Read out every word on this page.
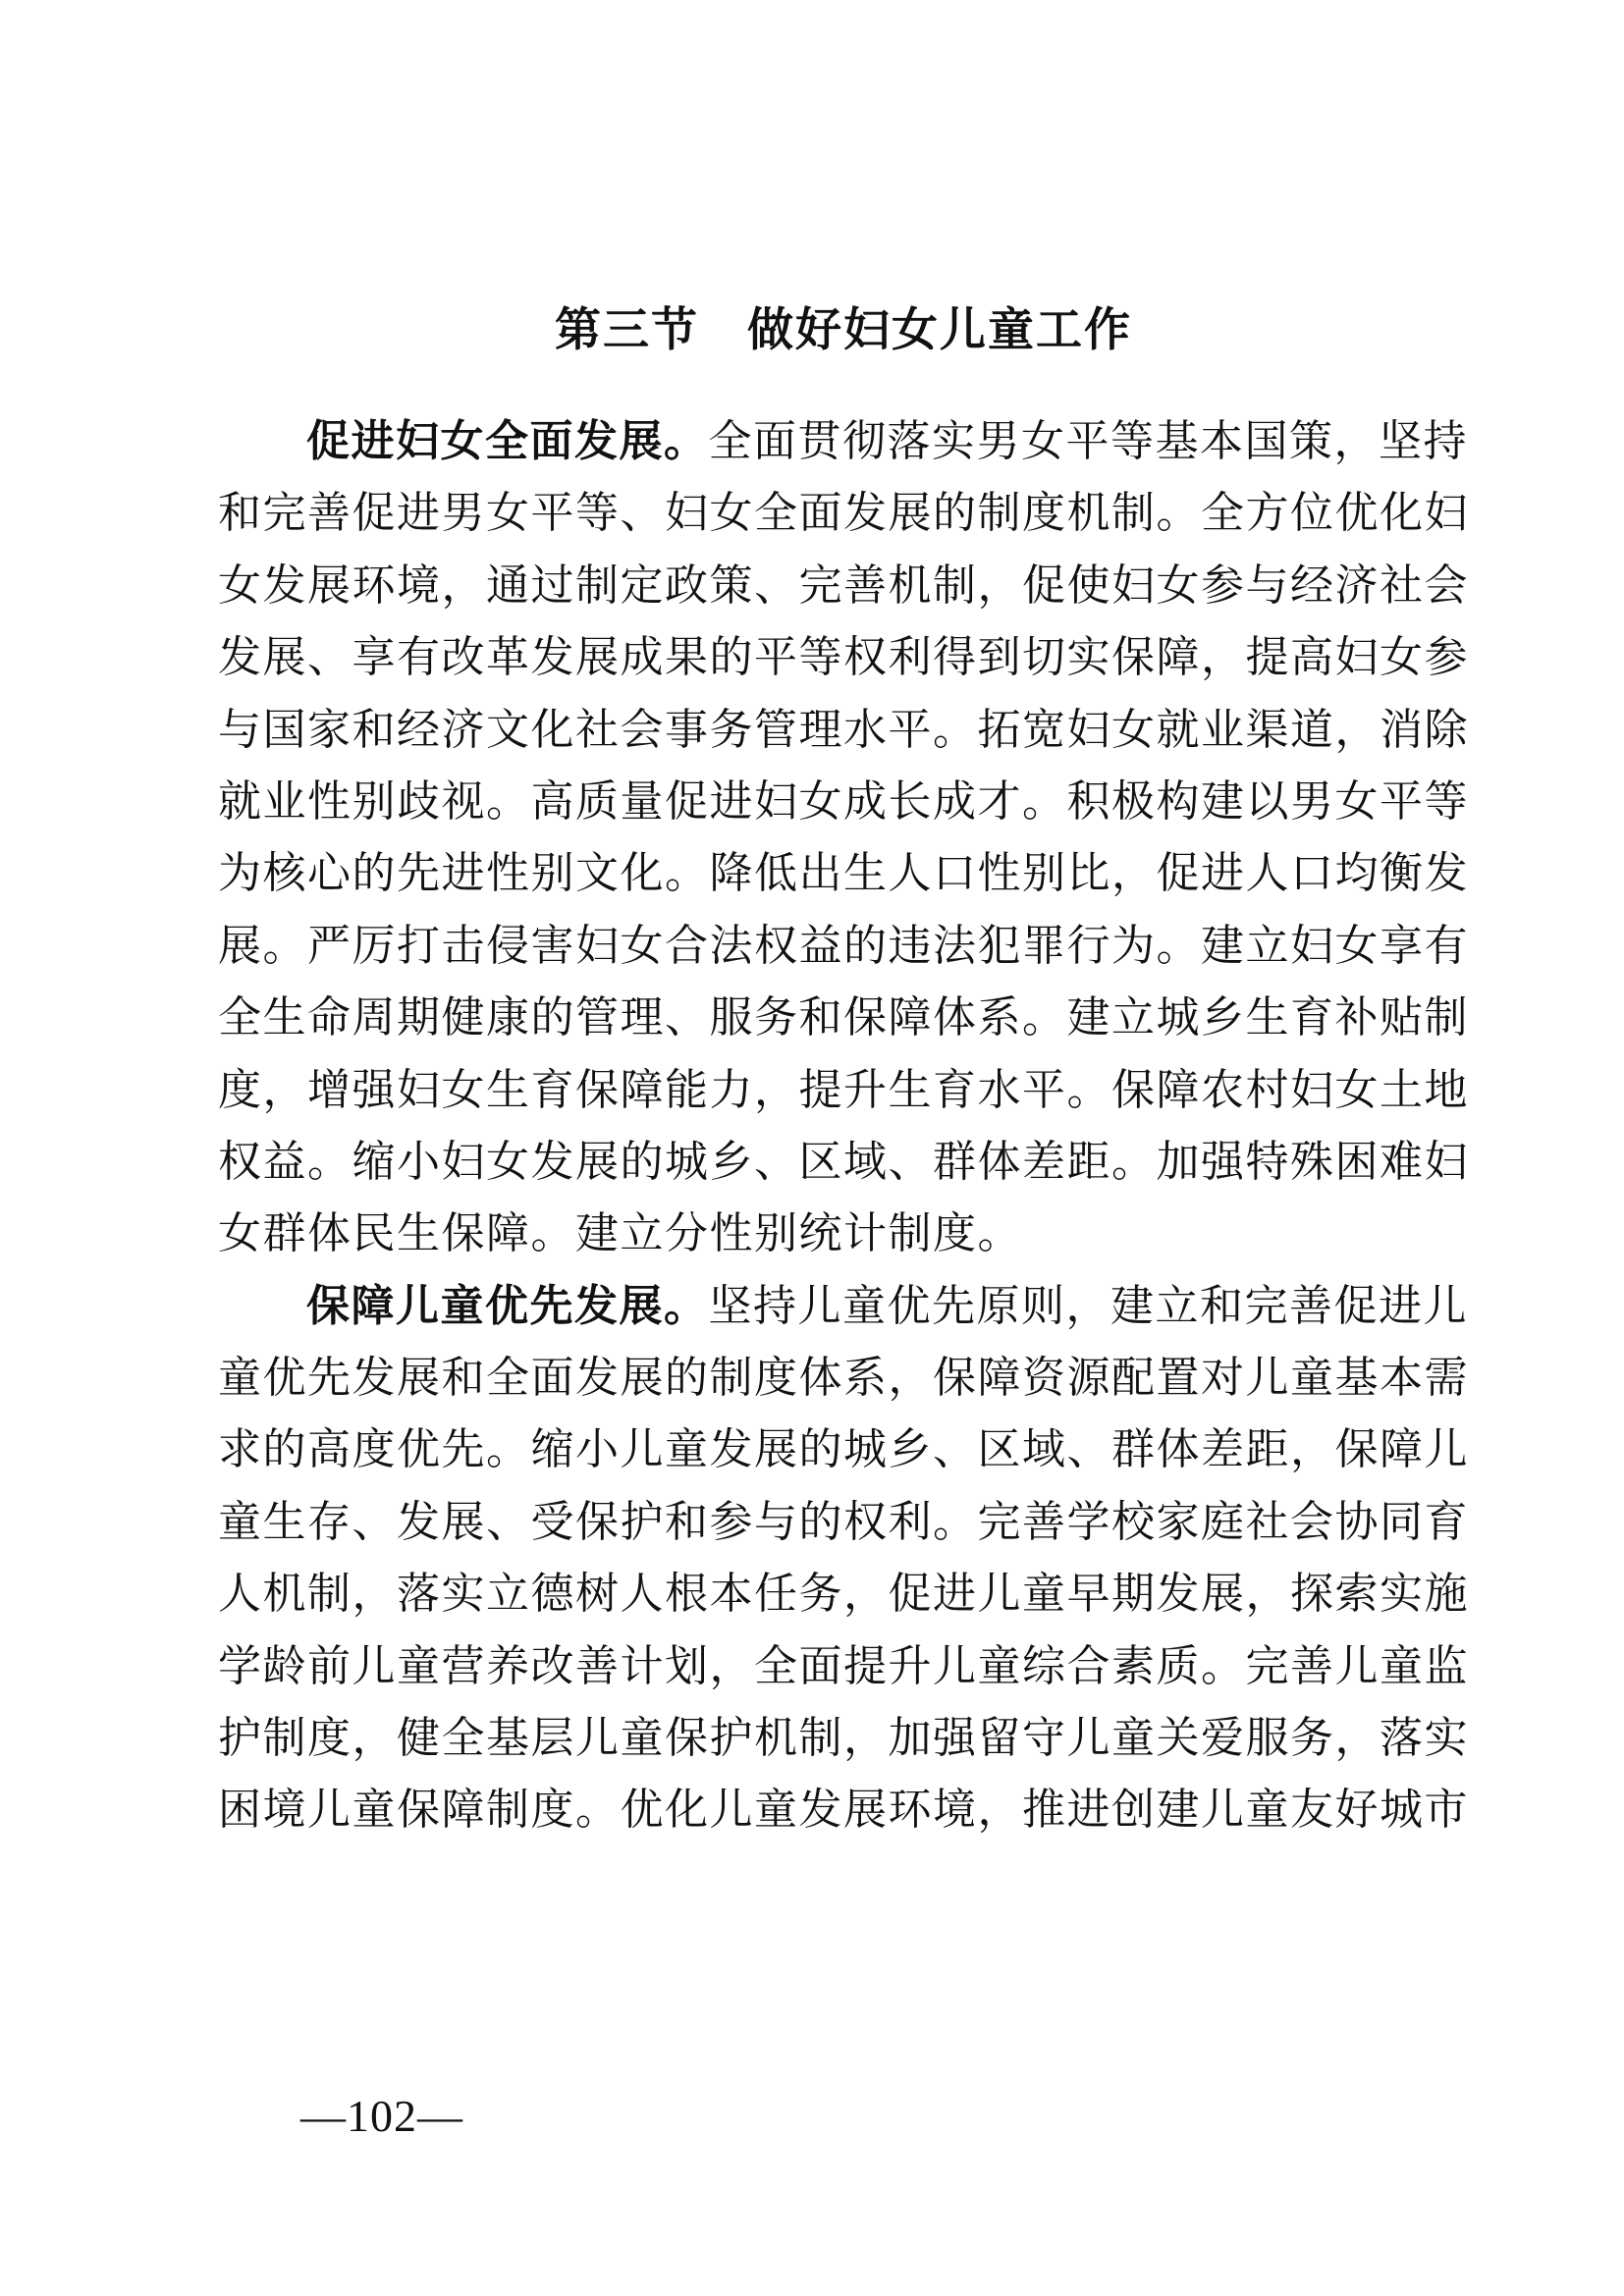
第三节　做好妇女儿童工作
促进妇女全面发展。全面贯彻落实男女平等基本国策，坚持
和完善促进男女平等、妇女全面发展的制度机制。全方位优化妇
女发展环境，通过制定政策、完善机制，促使妇女参与经济社会
发展、享有改革发展成果的平等权利得到切实保障，提高妇女参
与国家和经济文化社会事务管理水平。拓宽妇女就业渠道，消除
就业性别歧视。高质量促进妇女成长成才。积极构建以男女平等
为核心的先进性别文化。降低出生人口性别比，促进人口均衡发
展。严厉打击侵害妇女合法权益的违法犯罪行为。建立妇女享有
全生命周期健康的管理、服务和保障体系。建立城乡生育补贴制
度，增强妇女生育保障能力，提升生育水平。保障农村妇女土地
权益。缩小妇女发展的城乡、区域、群体差距。加强特殊困难妇
女群体民生保障。建立分性别统计制度。
保障儿童优先发展。坚持儿童优先原则，建立和完善促进儿
童优先发展和全面发展的制度体系，保障资源配置对儿童基本需
求的高度优先。缩小儿童发展的城乡、区域、群体差距，保障儿
童生存、发展、受保护和参与的权利。完善学校家庭社会协同育
人机制，落实立德树人根本任务，促进儿童早期发展，探索实施
学龄前儿童营养改善计划，全面提升儿童综合素质。完善儿童监
护制度，健全基层儿童保护机制，加强留守儿童关爱服务，落实
困境儿童保障制度。优化儿童发展环境，推进创建儿童友好城市
—102—
